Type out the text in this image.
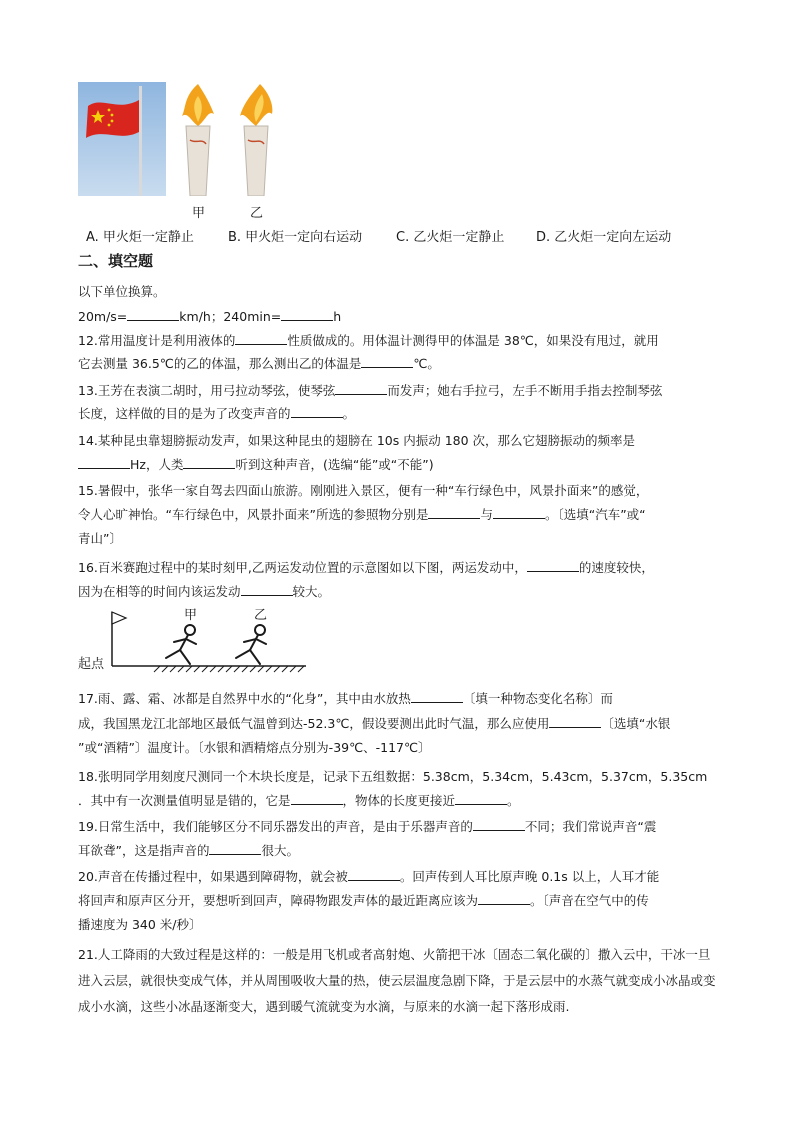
甲	乙
A. 甲火炬一定静止	B. 甲火炬一定向右运动	C. 乙火炬一定静止 D. 乙火炬一定向左运动
二、填空题
以下单位换算。
20m/s=	km/h；240min=	h
12.常用温度计是利用液体的	性质做成的。用体温计测得甲的体温是 38℃，如果没有甩过，就用
它去测量 36.5℃的乙的体温，那么测出乙的体温是	℃。
13.王芳在表演二胡时，用弓拉动琴弦，使琴弦	而发声；她右手拉弓，左手不断用手指去控制琴弦
长度，这样做的目的是为了改变声音的	。
14.某种昆虫靠翅膀振动发声，如果这种昆虫的翅膀在 10s 内振动 180 次，那么它翅膀振动的频率是
Hz，人类	听到这种声音，(选编“能”或“不能”)
15.暑假中，张华一家自驾去四面山旅游。刚刚进入景区，便有一种“车行绿色中，风景扑面来”的感觉，
令人心旷神怡。“车行绿色中，风景扑面来”所选的参照物分别是	与	。〔选填“汽车”或“
青山”〕
16.百米赛跑过程中的某时刻甲,乙两运发动位置的示意图如以下图，两运发动中，	的速度较快，
因为在相等的时间内该运发动	较大。
起点
甲	乙
17.雨、露、霜、冰都是自然界中水的“化身”，其中由水放热	〔填一种物态变化名称〕而
成，我国黑龙江北部地区最低气温曾到达-52.3℃，假设要测出此时气温，那么应使用	〔选填“水银
”或“酒精”〕温度计。〔水银和酒精熔点分别为-39℃、-117℃〕
18.张明同学用刻度尺测同一个木块长度是，记录下五组数据：5.38cm，5.34cm，5.43cm，5.37cm，5.35cm
．其中有一次测量值明显是错的，它是	，物体的长度更接近	。
19.日常生活中，我们能够区分不同乐器发出的声音，是由于乐器声音的	不同；我们常说声音“震
耳欲聋”，这是指声音的	很大。
20.声音在传播过程中，如果遇到障碍物，就会被	。回声传到人耳比原声晚 0.1s 以上，人耳才能
将回声和原声区分开，要想听到回声，障碍物跟发声体的最近距离应该为	。〔声音在空气中的传
播速度为 340 米/秒〕
21.人工降雨的大致过程是这样的：一般是用飞机或者高射炮、火箭把干冰〔固态二氧化碳的〕撒入云中，干冰一旦进入云层，就很快变成气体，并从周围吸收大量的热，使云层温度急剧下降，于是云层中的水蒸气就变成小冰晶或变成小水滴，这些小冰晶逐渐变大，遇到暖气流就变为水滴，与原来的水滴一起下落形成雨.
